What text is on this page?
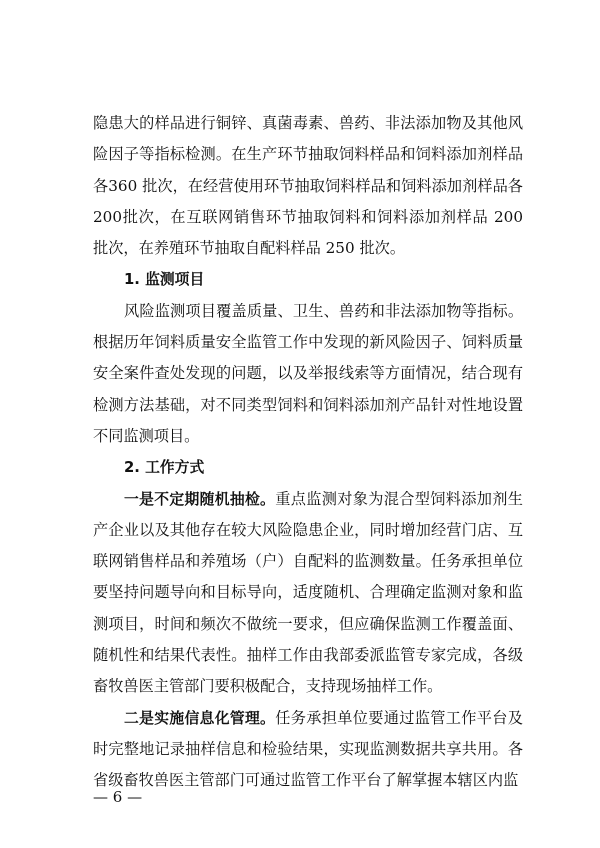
隐患大的样品进行铜锌、真菌毒素、兽药、非法添加物及其他风险因子等指标检测。在生产环节抽取饲料样品和饲料添加剂样品各360 批次，在经营使用环节抽取饲料样品和饲料添加剂样品各 200批次，在互联网销售环节抽取饲料和饲料添加剂样品 200 批次，在养殖环节抽取自配料样品 250 批次。

1. 监测项目

风险监测项目覆盖质量、卫生、兽药和非法添加物等指标。根据历年饲料质量安全监管工作中发现的新风险因子、饲料质量安全案件查处发现的问题，以及举报线索等方面情况，结合现有检测方法基础，对不同类型饲料和饲料添加剂产品针对性地设置不同监测项目。

2. 工作方式

一是不定期随机抽检。重点监测对象为混合型饲料添加剂生产企业以及其他存在较大风险隐患企业，同时增加经营门店、互联网销售样品和养殖场（户）自配料的监测数量。任务承担单位要坚持问题导向和目标导向，适度随机、合理确定监测对象和监测项目，时间和频次不做统一要求，但应确保监测工作覆盖面、随机性和结果代表性。抽样工作由我部委派监管专家完成，各级畜牧兽医主管部门要积极配合，支持现场抽样工作。

二是实施信息化管理。任务承担单位要通过监管工作平台及时完整地记录抽样信息和检验结果，实现监测数据共享共用。各省级畜牧兽医主管部门可通过监管工作平台了解掌握本辖区内监

— 6 —
